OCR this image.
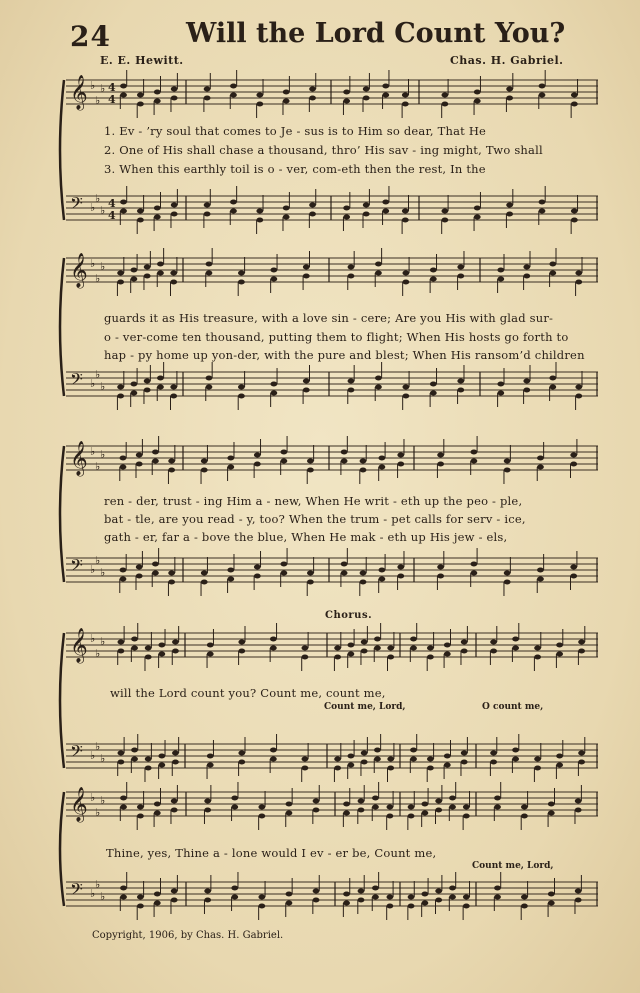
24	Will the Lord Count You?
E. E. Hewitt.	Chas. H. Gabriel.
𝄞 ♭
♭
♭
𝄢 ♭
♭
♭
4
4
4
4
𝄞 ♭
♭
♭
𝄢 ♭
♭
♭
𝄞 ♭
♭
♭
𝄢 ♭
♭
♭
𝄞 ♭
♭
♭
𝄢 ♭
♭
♭
𝄞 ♭
♭
♭
𝄢 ♭
♭
♭
1. Ev - ’ry soul that comes to Je - sus is to Him so dear, That He
2. One of His shall chase a thousand, thro’ His sav - ing might, Two shall
3. When this earthly toil is o - ver, com-eth then the rest, In the
guards it as His treasure, with a love sin - cere; Are you His with glad sur-
o - ver-come ten thousand, putting them to flight; When His hosts go forth to
hap - py home up yon-der, with the pure and blest; When His ransom’d children
ren - der, trust - ing Him a - new, When He writ - eth up the peo - ple,
bat - tle, are you read - y, too? When the trum - pet calls for serv - ice,
gath - er, far a - bove the blue, When He mak - eth up His jew - els,
Chorus.
will the Lord count you? Count me, count me,
Count me, Lord,	O count me,
Thine, yes, Thine a - lone would I ev - er be, Count me,
Count me, Lord,
Copyright, 1906, by Chas. H. Gabriel.
